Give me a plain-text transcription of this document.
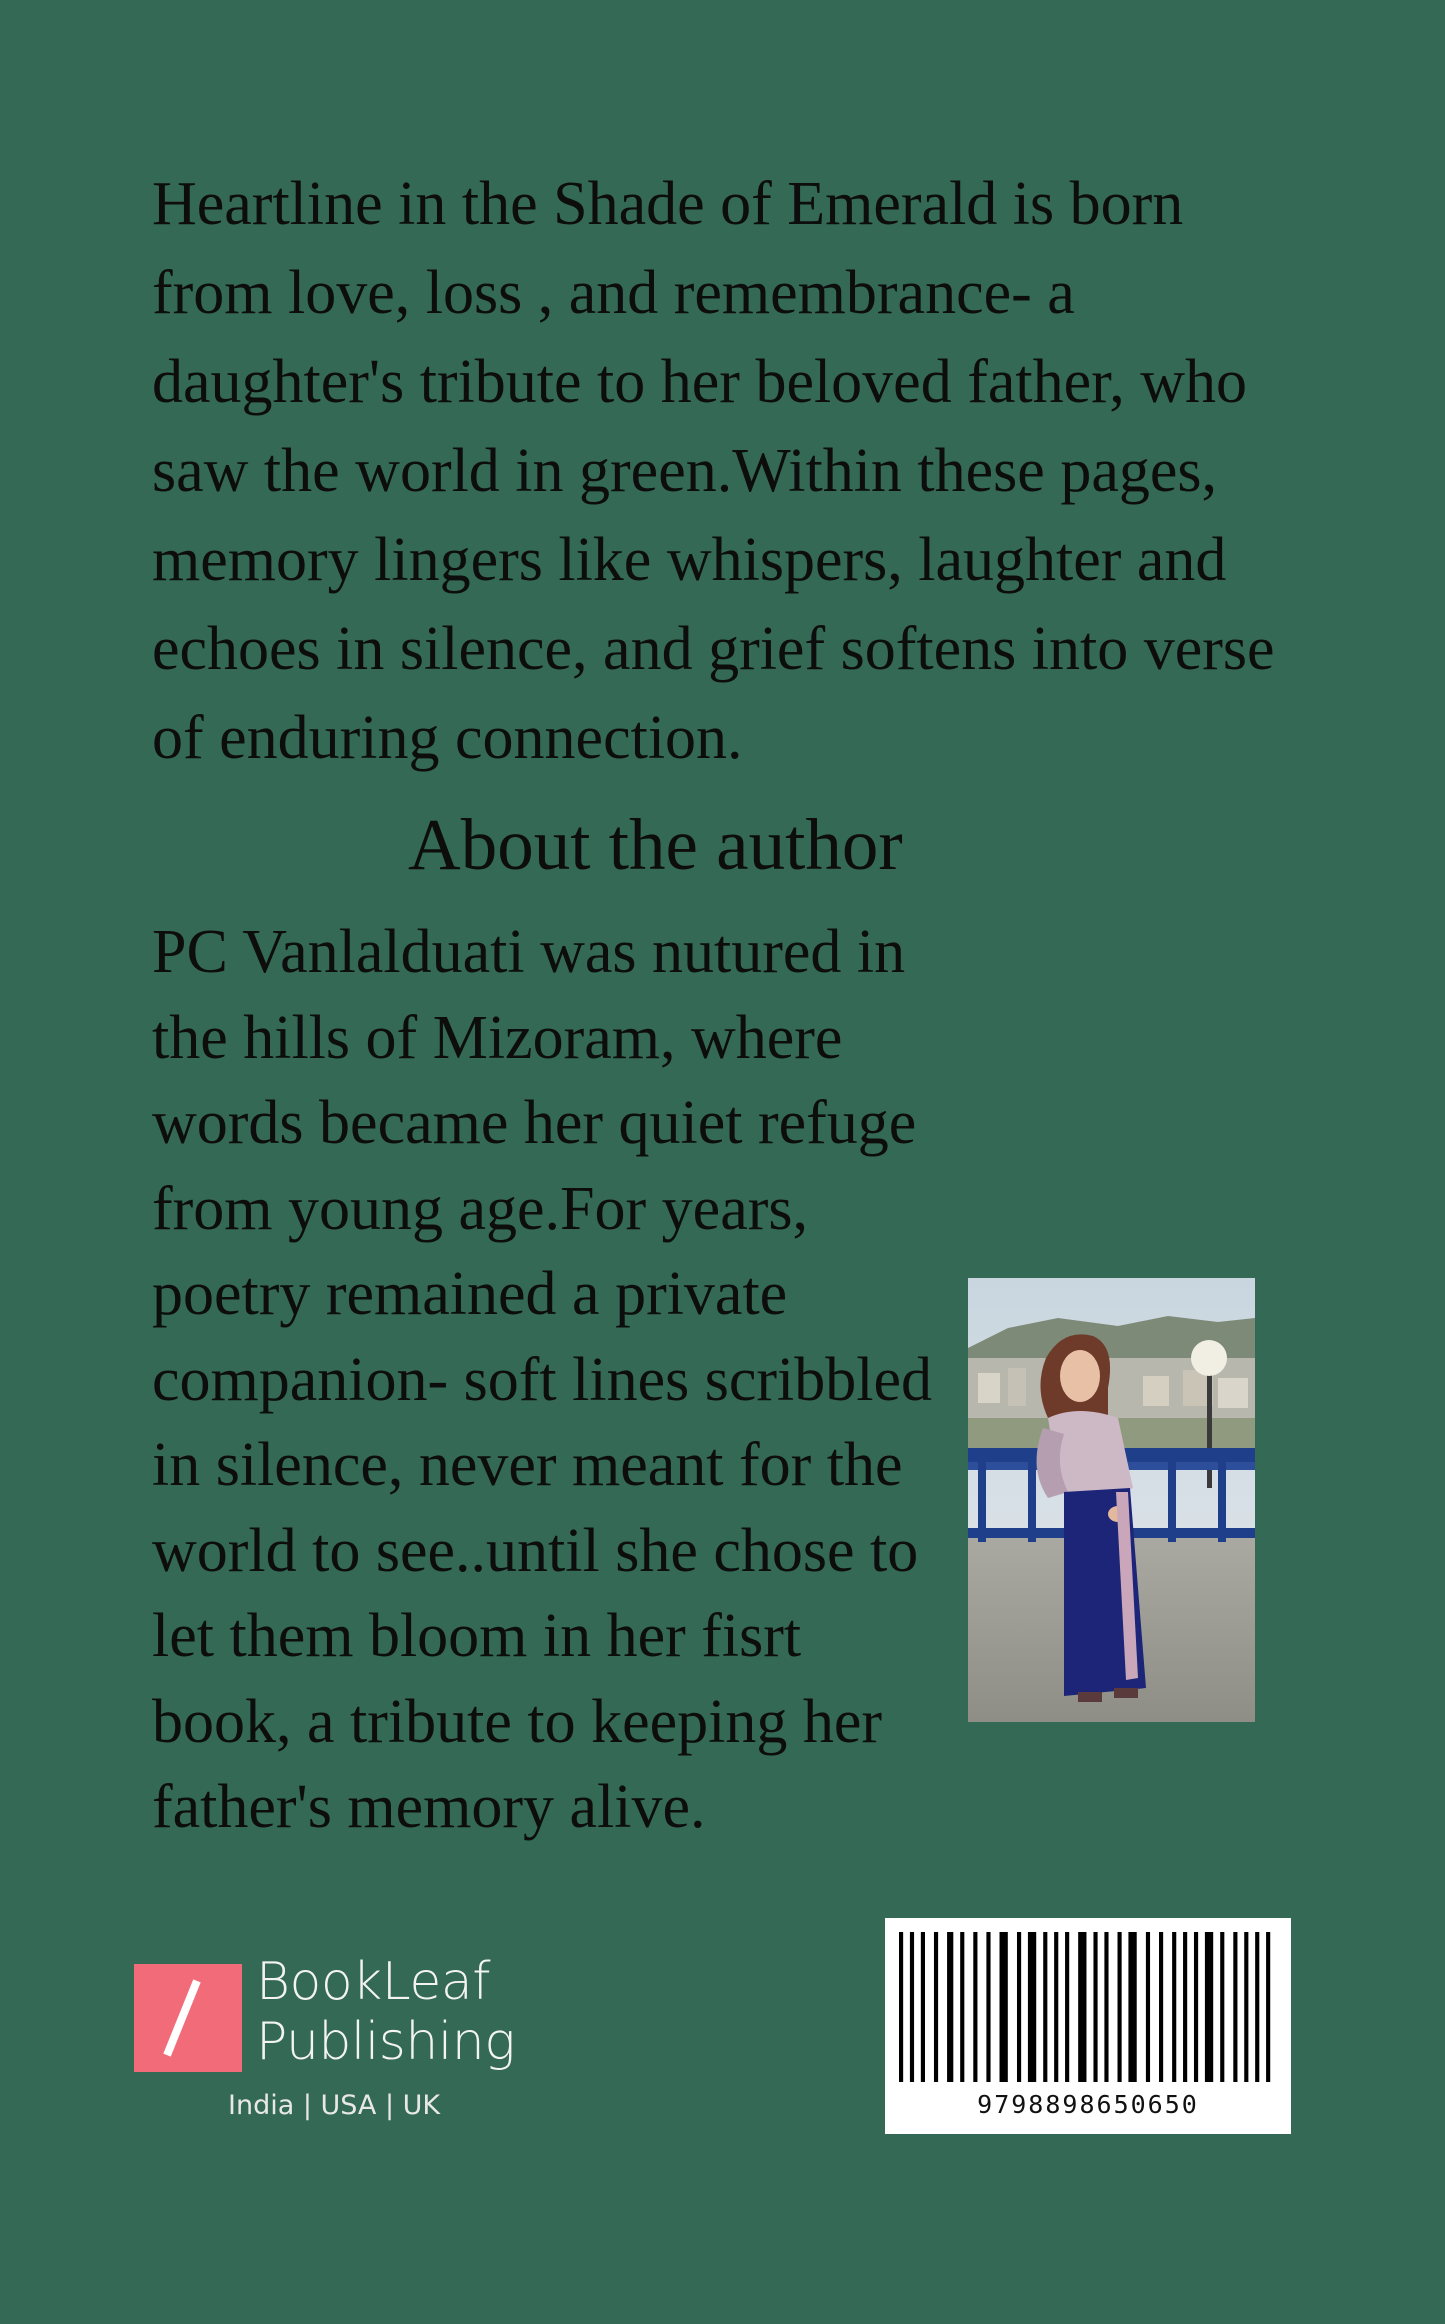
Heartline in the Shade of Emerald is born
from love, loss , and remembrance- a
daughter's tribute to her beloved father, who
saw the world in green.Within these pages,
memory lingers like whispers, laughter and
echoes in silence, and grief softens into verse
of enduring connection.

About the author

PC Vanlalduati was nutured in
the hills of Mizoram, where
words became her quiet refuge
from young age.For years,
poetry remained a private
companion- soft lines scribbled
in silence, never meant for the
world to see..until she chose to
let them bloom in her fisrt
book, a tribute to keeping her
father's memory alive.

BookLeaf
Publishing
India | USA | UK	9798898650650
